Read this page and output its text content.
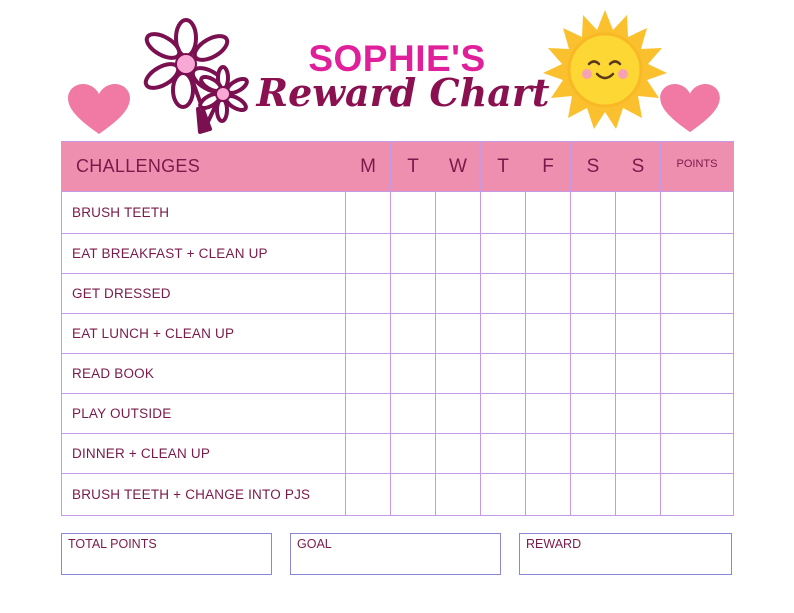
SOPHIE'S
Reward Chart
CHALLENGES	M	T	W	T	F	S	S	POINTS
BRUSH TEETH								
EAT BREAKFAST + CLEAN UP								
GET DRESSED								
EAT LUNCH + CLEAN UP								
READ BOOK								
PLAY OUTSIDE								
DINNER + CLEAN UP								
BRUSH TEETH + CHANGE INTO PJS								
TOTAL POINTS	GOAL	REWARD
